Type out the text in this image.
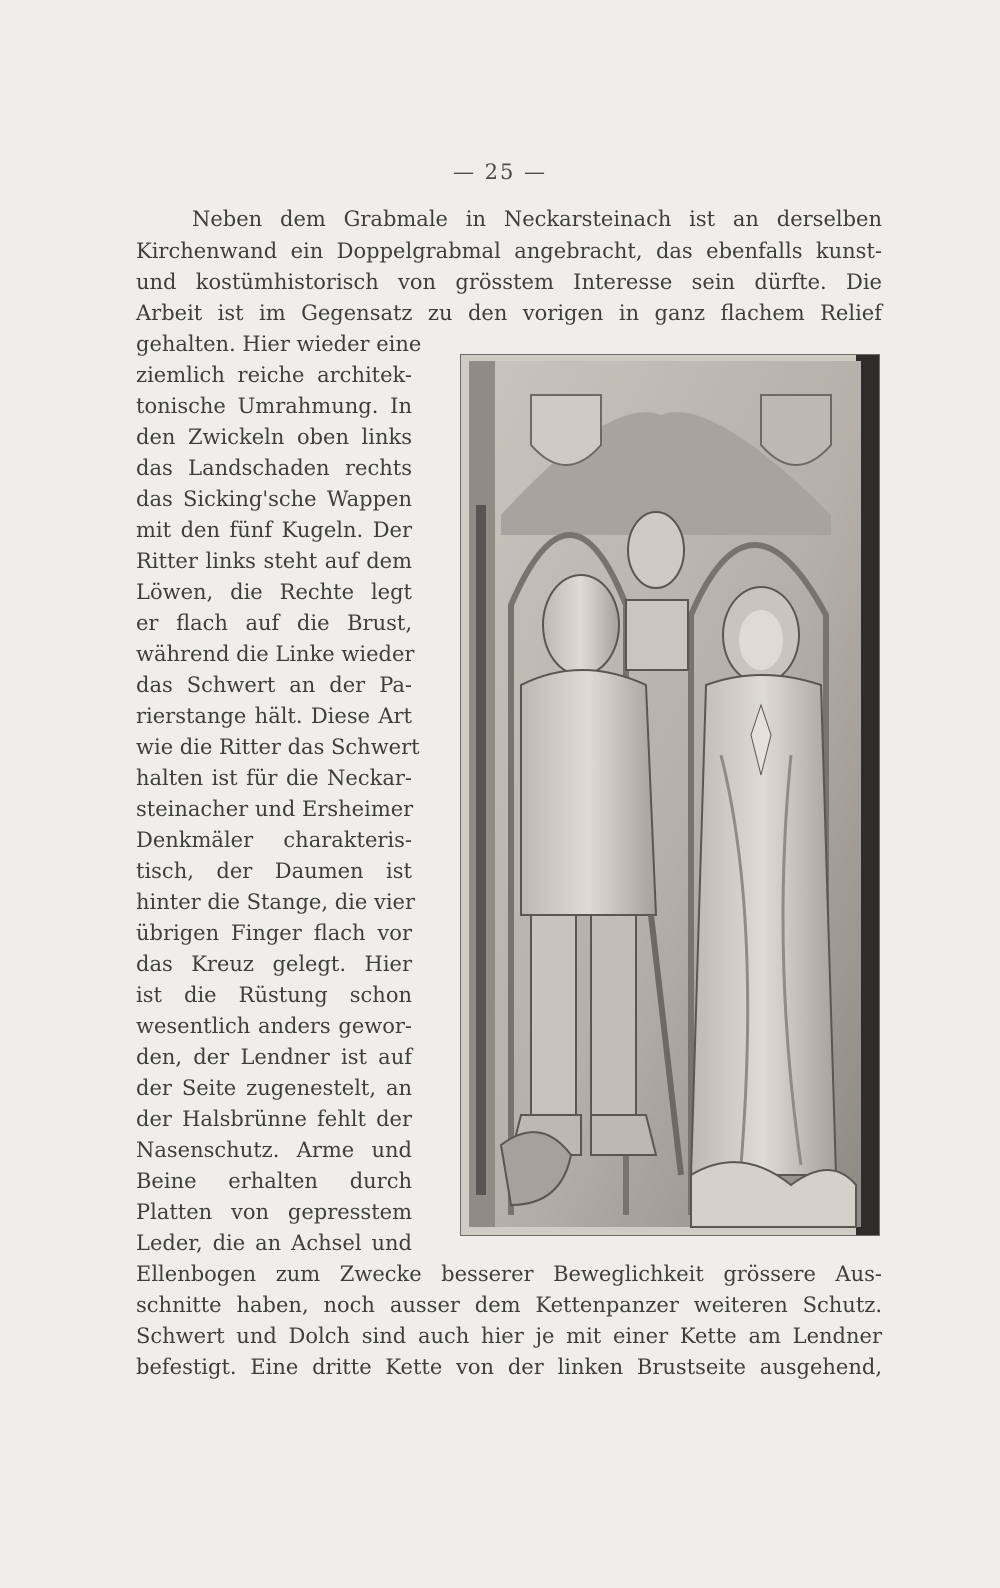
— 25 —
Neben dem Grabmale in Neckarsteinach ist an derselben
Kirchenwand ein Doppelgrabmal angebracht, das ebenfalls kunst-
und kostümhistorisch von grösstem Interesse sein dürfte. Die
Arbeit ist im Gegensatz zu den vorigen in ganz flachem Relief
gehalten. Hier wieder eine
ziemlich reiche architek-
tonische Umrahmung. In
den Zwickeln oben links
das Landschaden rechts
das Sicking'sche Wappen
mit den fünf Kugeln. Der
Ritter links steht auf dem
Löwen, die Rechte legt
er flach auf die Brust,
während die Linke wieder
das Schwert an der Pa-
rierstange hält. Diese Art
wie die Ritter das Schwert
halten ist für die Neckar-
steinacher und Ersheimer
Denkmäler charakteris-
tisch, der Daumen ist
hinter die Stange, die vier
übrigen Finger flach vor
das Kreuz gelegt. Hier
ist die Rüstung schon
wesentlich anders gewor-
den, der Lendner ist auf
der Seite zugenestelt, an
der Halsbrünne fehlt der
Nasenschutz. Arme und
Beine erhalten durch
Platten von gepresstem
Leder, die an Achsel und
Ellenbogen zum Zwecke besserer Beweglichkeit grössere Aus-
schnitte haben, noch ausser dem Kettenpanzer weiteren Schutz.
Schwert und Dolch sind auch hier je mit einer Kette am Lendner
befestigt. Eine dritte Kette von der linken Brustseite ausgehend,
